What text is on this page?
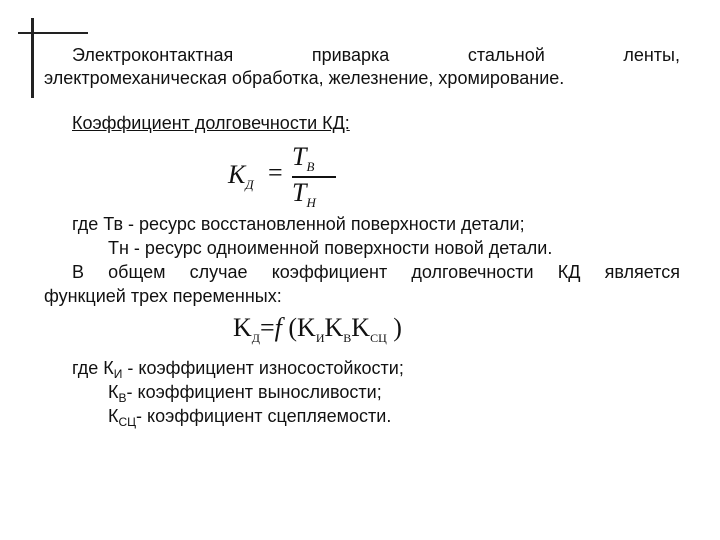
Электроконтактная	приварка	стальной	ленты,
электромеханическая обработка, железнение, хромирование.
Коэффициент долговечности КД:
$K_Д$ =
$T_В$
$T_Н$
где Тв - ресурс восстановленной поверхности детали;
Тн - ресурс одноименной поверхности новой детали.
В общем случае коэффициент долговечности КД является
функцией трех переменных:
$K_Д=f$ ($K_ИK_ВK_{СЦ}$ )
где $К_И$ - коэффициент износостойкости;
$К_В-$ коэффициент выносливости;
$К_{СЦ}-$ коэффициент сцепляемости.
